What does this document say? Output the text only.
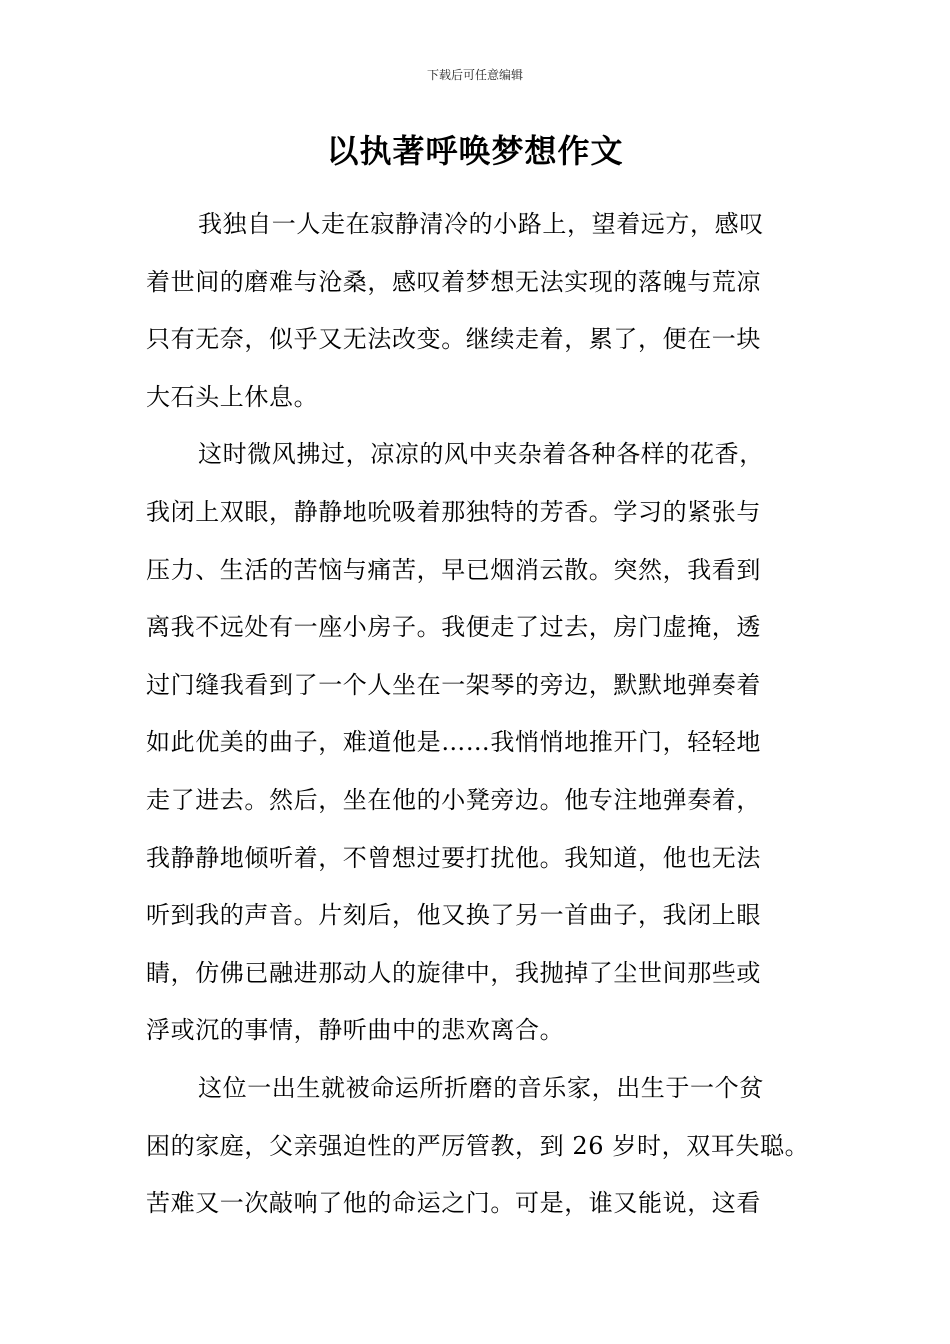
下载后可任意编辑
以执著呼唤梦想作文
我独自一人走在寂静清冷的小路上，望着远方，感叹
着世间的磨难与沧桑，感叹着梦想无法实现的落魄与荒凉
只有无奈，似乎又无法改变。继续走着，累了，便在一块
大石头上休息。
这时微风拂过，凉凉的风中夹杂着各种各样的花香，
我闭上双眼，静静地吮吸着那独特的芳香。学习的紧张与
压力、生活的苦恼与痛苦，早已烟消云散。突然，我看到
离我不远处有一座小房子。我便走了过去，房门虚掩，透
过门缝我看到了一个人坐在一架琴的旁边，默默地弹奏着
如此优美的曲子，难道他是……我悄悄地推开门，轻轻地
走了进去。然后，坐在他的小凳旁边。他专注地弹奏着，
我静静地倾听着，不曾想过要打扰他。我知道，他也无法
听到我的声音。片刻后，他又换了另一首曲子，我闭上眼
睛，仿佛已融进那动人的旋律中，我抛掉了尘世间那些或
浮或沉的事情，静听曲中的悲欢离合。
这位一出生就被命运所折磨的音乐家，出生于一个贫
困的家庭，父亲强迫性的严厉管教，到 26 岁时，双耳失聪。
苦难又一次敲响了他的命运之门。可是，谁又能说，这看
